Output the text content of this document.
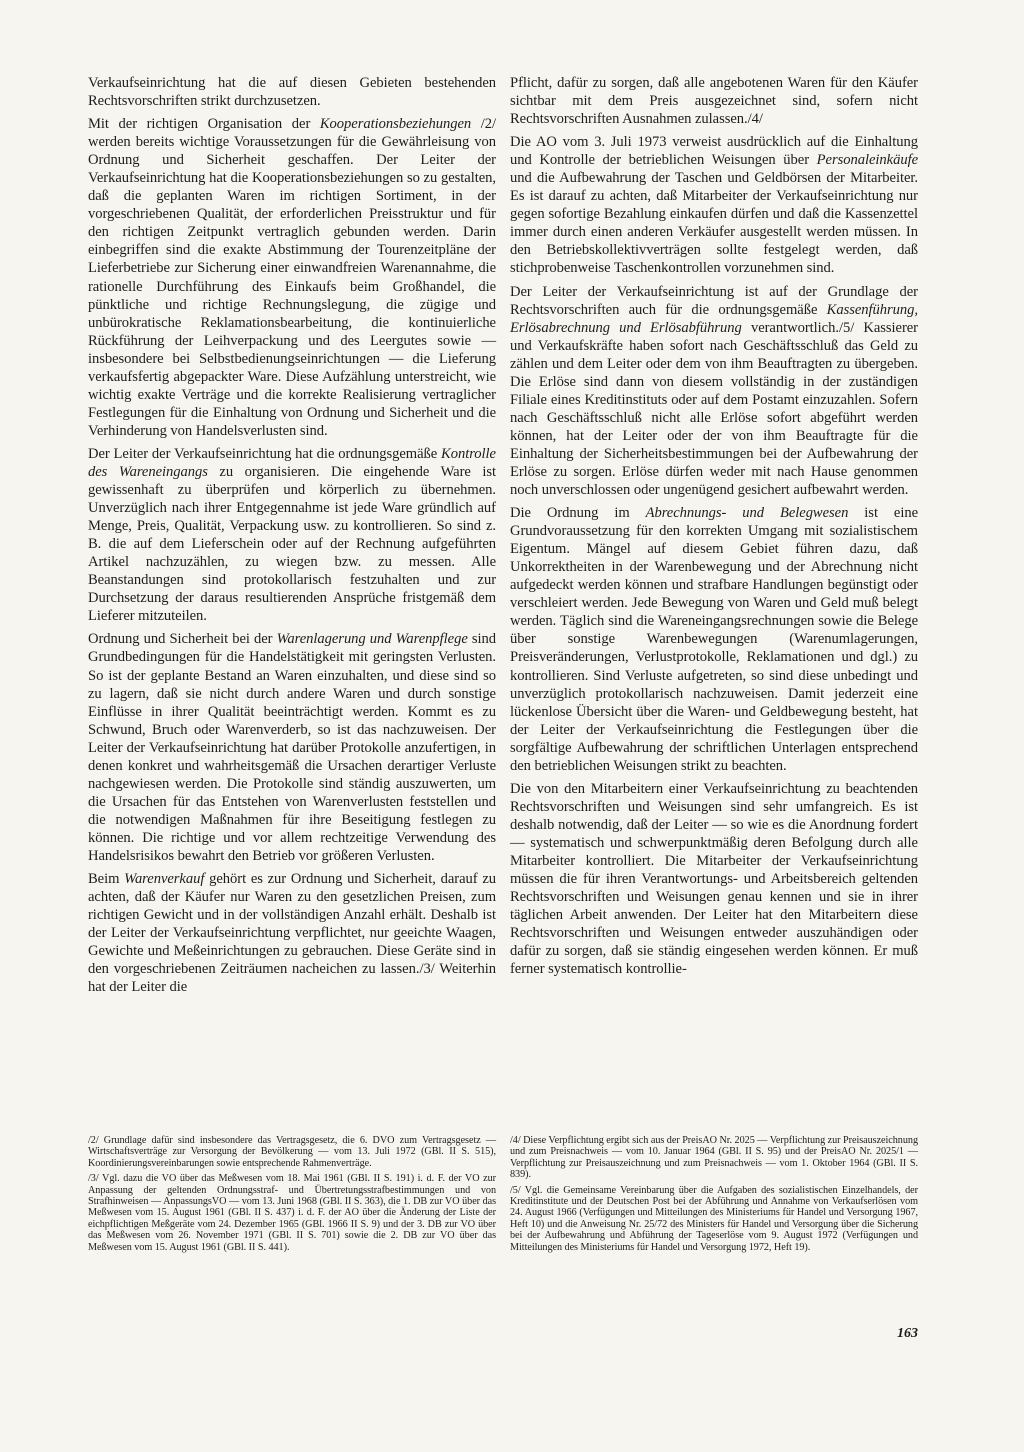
Verkaufseinrichtung hat die auf diesen Gebieten bestehenden Rechtsvorschriften strikt durchzusetzen.

Mit der richtigen Organisation der Kooperationsbeziehungen /2/ werden bereits wichtige Voraussetzungen für die Gewährleisung von Ordnung und Sicherheit geschaffen. Der Leiter der Verkaufseinrichtung hat die Kooperationsbeziehungen so zu gestalten, daß die geplanten Waren im richtigen Sortiment, in der vorgeschriebenen Qualität, der erforderlichen Preisstruktur und für den richtigen Zeitpunkt vertraglich gebunden werden. Darin einbegriffen sind die exakte Abstimmung der Tourenzeitpläne der Lieferbetriebe zur Sicherung einer einwandfreien Warenannahme, die rationelle Durchführung des Einkaufs beim Großhandel, die pünktliche und richtige Rechnungslegung, die zügige und unbürokratische Reklamationsbearbeitung, die kontinuierliche Rückführung der Leihverpackung und des Leergutes sowie — insbesondere bei Selbstbedienungseinrichtungen — die Lieferung verkaufsfertig abgepackter Ware. Diese Aufzählung unterstreicht, wie wichtig exakte Verträge und die korrekte Realisierung vertraglicher Festlegungen für die Einhaltung von Ordnung und Sicherheit und die Verhinderung von Handelsverlusten sind.

Der Leiter der Verkaufseinrichtung hat die ordnungsgemäße Kontrolle des Wareneingangs zu organisieren. Die eingehende Ware ist gewissenhaft zu überprüfen und körperlich zu übernehmen. Unverzüglich nach ihrer Entgegennahme ist jede Ware gründlich auf Menge, Preis, Qualität, Verpackung usw. zu kontrollieren. So sind z. B. die auf dem Lieferschein oder auf der Rechnung aufgeführten Artikel nachzuzählen, zu wiegen bzw. zu messen. Alle Beanstandungen sind protokollarisch festzuhalten und zur Durchsetzung der daraus resultierenden Ansprüche fristgemäß dem Lieferer mitzuteilen.

Ordnung und Sicherheit bei der Warenlagerung und Warenpflege sind Grundbedingungen für die Handelstätigkeit mit geringsten Verlusten. So ist der geplante Bestand an Waren einzuhalten, und diese sind so zu lagern, daß sie nicht durch andere Waren und durch sonstige Einflüsse in ihrer Qualität beeinträchtigt werden. Kommt es zu Schwund, Bruch oder Warenverderb, so ist das nachzuweisen. Der Leiter der Verkaufseinrichtung hat darüber Protokolle anzufertigen, in denen konkret und wahrheitsgemäß die Ursachen derartiger Verluste nachgewiesen werden. Die Protokolle sind ständig auszuwerten, um die Ursachen für das Entstehen von Warenverlusten feststellen und die notwendigen Maßnahmen für ihre Beseitigung festlegen zu können. Die richtige und vor allem rechtzeitige Verwendung des Handelsrisikos bewahrt den Betrieb vor größeren Verlusten.

Beim Warenverkauf gehört es zur Ordnung und Sicherheit, darauf zu achten, daß der Käufer nur Waren zu den gesetzlichen Preisen, zum richtigen Gewicht und in der vollständigen Anzahl erhält. Deshalb ist der Leiter der Verkaufseinrichtung verpflichtet, nur geeichte Waagen, Gewichte und Meßeinrichtungen zu gebrauchen. Diese Geräte sind in den vorgeschriebenen Zeiträumen nacheichen zu lassen./3/ Weiterhin hat der Leiter die

Pflicht, dafür zu sorgen, daß alle angebotenen Waren für den Käufer sichtbar mit dem Preis ausgezeichnet sind, sofern nicht Rechtsvorschriften Ausnahmen zulassen./4/

Die AO vom 3. Juli 1973 verweist ausdrücklich auf die Einhaltung und Kontrolle der betrieblichen Weisungen über Personaleinkäufe und die Aufbewahrung der Taschen und Geldbörsen der Mitarbeiter. Es ist darauf zu achten, daß Mitarbeiter der Verkaufseinrichtung nur gegen sofortige Bezahlung einkaufen dürfen und daß die Kassenzettel immer durch einen anderen Verkäufer ausgestellt werden müssen. In den Betriebskollektivverträgen sollte festgelegt werden, daß stichprobenweise Taschenkontrollen vorzunehmen sind.

Der Leiter der Verkaufseinrichtung ist auf der Grundlage der Rechtsvorschriften auch für die ordnungsgemäße Kassenführung, Erlösabrechnung und Erlösabführung verantwortlich./5/ Kassierer und Verkaufskräfte haben sofort nach Geschäftsschluß das Geld zu zählen und dem Leiter oder dem von ihm Beauftragten zu übergeben. Die Erlöse sind dann von diesem vollständig in der zuständigen Filiale eines Kreditinstituts oder auf dem Postamt einzuzahlen. Sofern nach Geschäftsschluß nicht alle Erlöse sofort abgeführt werden können, hat der Leiter oder der von ihm Beauftragte für die Einhaltung der Sicherheitsbestimmungen bei der Aufbewahrung der Erlöse zu sorgen. Erlöse dürfen weder mit nach Hause genommen noch unverschlossen oder ungenügend gesichert aufbewahrt werden.

Die Ordnung im Abrechnungs- und Belegwesen ist eine Grundvoraussetzung für den korrekten Umgang mit sozialistischem Eigentum. Mängel auf diesem Gebiet führen dazu, daß Unkorrektheiten in der Warenbewegung und der Abrechnung nicht aufgedeckt werden können und strafbare Handlungen begünstigt oder verschleiert werden. Jede Bewegung von Waren und Geld muß belegt werden. Täglich sind die Wareneingangsrechnungen sowie die Belege über sonstige Warenbewegungen (Warenumlagerungen, Preisveränderungen, Verlustprotokolle, Reklamationen und dgl.) zu kontrollieren. Sind Verluste aufgetreten, so sind diese unbedingt und unverzüglich protokollarisch nachzuweisen. Damit jederzeit eine lückenlose Übersicht über die Waren- und Geldbewegung besteht, hat der Leiter der Verkaufseinrichtung die Festlegungen über die sorgfältige Aufbewahrung der schriftlichen Unterlagen entsprechend den betrieblichen Weisungen strikt zu beachten.

Die von den Mitarbeitern einer Verkaufseinrichtung zu beachtenden Rechtsvorschriften und Weisungen sind sehr umfangreich. Es ist deshalb notwendig, daß der Leiter — so wie es die Anordnung fordert — systematisch und schwerpunktmäßig deren Befolgung durch alle Mitarbeiter kontrolliert. Die Mitarbeiter der Verkaufseinrichtung müssen die für ihren Verantwortungs- und Arbeitsbereich geltenden Rechtsvorschriften und Weisungen genau kennen und sie in ihrer täglichen Arbeit anwenden. Der Leiter hat den Mitarbeitern diese Rechtsvorschriften und Weisungen entweder auszuhändigen oder dafür zu sorgen, daß sie ständig eingesehen werden können. Er muß ferner systematisch kontrollie-

/2/ Grundlage dafür sind insbesondere das Vertragsgesetz, die 6. DVO zum Vertragsgesetz — Wirtschaftsverträge zur Versorgung der Bevölkerung — vom 13. Juli 1972 (GBl. II S. 515), Koordinierungsvereinbarungen sowie entsprechende Rahmenverträge.

/3/ Vgl. dazu die VO über das Meßwesen vom 18. Mai 1961 (GBl. II S. 191) i. d. F. der VO zur Anpassung der geltenden Ordnungsstraf- und Übertretungsstrafbestimmungen und von Strafhinweisen — AnpassungsVO — vom 13. Juni 1968 (GBl. II S. 363), die 1. DB zur VO über das Meßwesen vom 15. August 1961 (GBl. II S. 437) i. d. F. der AO über die Änderung der Liste der eichpflichtigen Meßgeräte vom 24. Dezember 1965 (GBl. 1966 II S. 9) und der 3. DB zur VO über das Meßwesen vom 26. November 1971 (GBl. II S. 701) sowie die 2. DB zur VO über das Meßwesen vom 15. August 1961 (GBl. II S. 441).

/4/ Diese Verpflichtung ergibt sich aus der PreisAO Nr. 2025 — Verpflichtung zur Preisauszeichnung und zum Preisnachweis — vom 10. Januar 1964 (GBl. II S. 95) und der PreisAO Nr. 2025/1 — Verpflichtung zur Preisauszeichnung und zum Preisnachweis — vom 1. Oktober 1964 (GBl. II S. 839).

/5/ Vgl. die Gemeinsame Vereinbarung über die Aufgaben des sozialistischen Einzelhandels, der Kreditinstitute und der Deutschen Post bei der Abführung und Annahme von Verkaufserlösen vom 24. August 1966 (Verfügungen und Mitteilungen des Ministeriums für Handel und Versorgung 1967, Heft 10) und die Anweisung Nr. 25/72 des Ministers für Handel und Versorgung über die Sicherung bei der Aufbewahrung und Abführung der Tageserlöse vom 9. August 1972 (Verfügungen und Mitteilungen des Ministeriums für Handel und Versorgung 1972, Heft 19).

163
